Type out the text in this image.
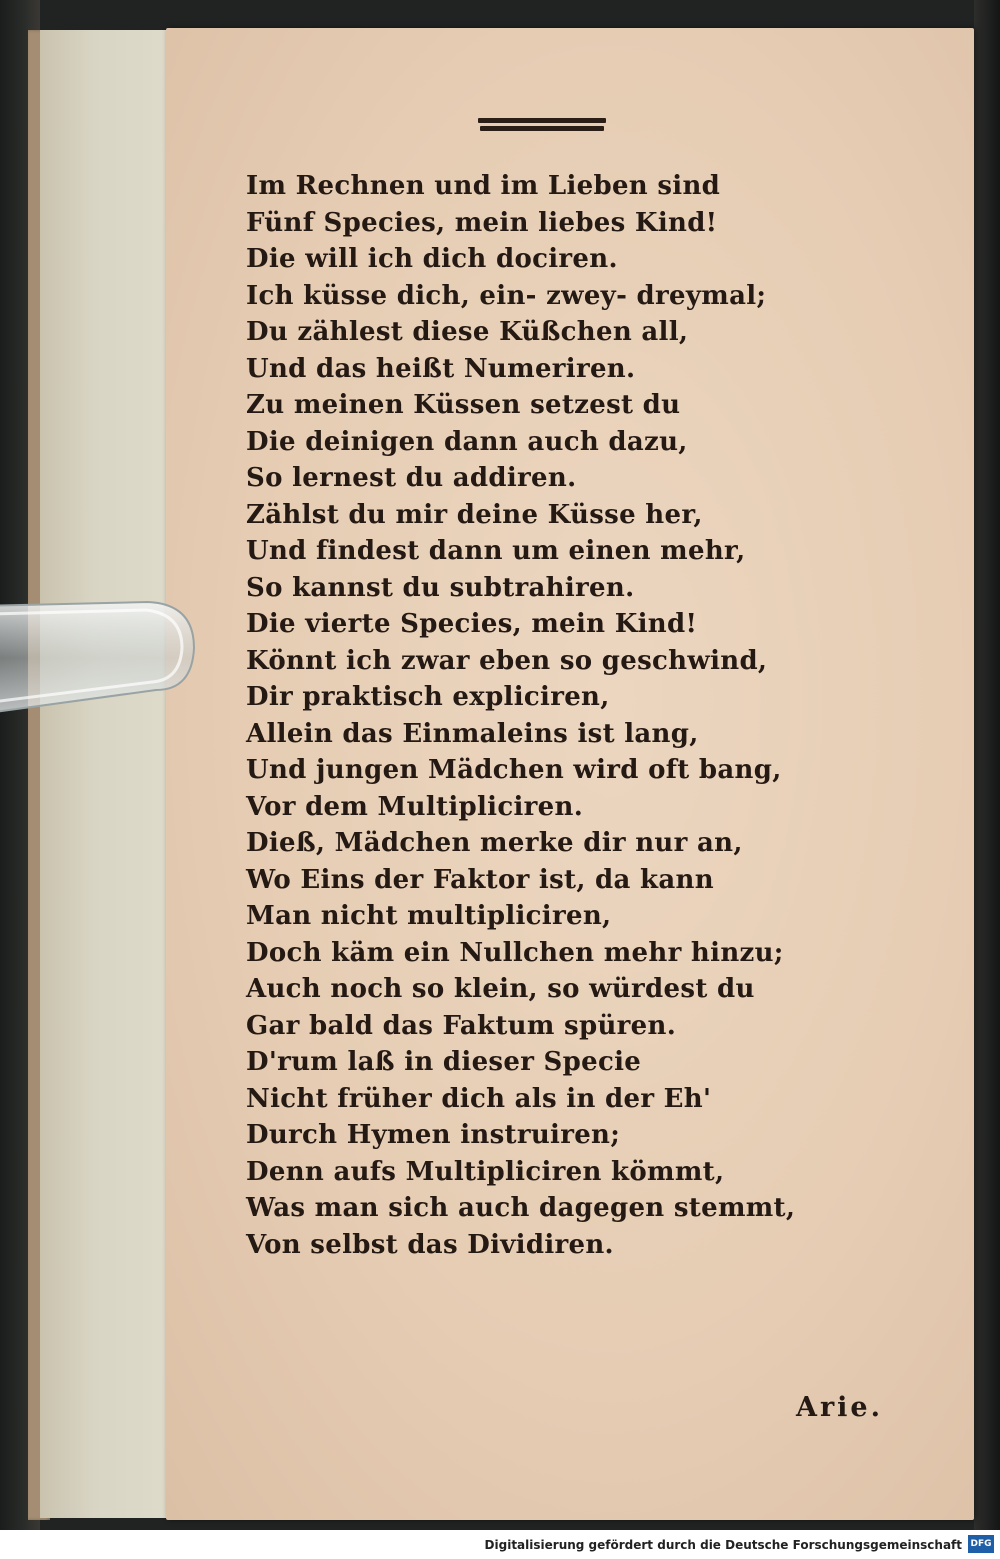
Im Rechnen und im Lieben sind
Fünf Species, mein liebes Kind!
Die will ich dich dociren.
Ich küsse dich, ein- zwey- dreymal;
Du zählest diese Küßchen all,
Und das heißt Numeriren.
Zu meinen Küssen setzest du
Die deinigen dann auch dazu,
So lernest du addiren.
Zählst du mir deine Küsse her,
Und findest dann um einen mehr,
So kannst du subtrahiren.
Die vierte Species, mein Kind!
Könnt ich zwar eben so geschwind,
Dir praktisch expliciren,
Allein das Einmaleins ist lang,
Und jungen Mädchen wird oft bang,
Vor dem Multipliciren.
Dieß, Mädchen merke dir nur an,
Wo Eins der Faktor ist, da kann
Man nicht multipliciren,
Doch käm ein Nullchen mehr hinzu;
Auch noch so klein, so würdest du
Gar bald das Faktum spüren.
D'rum laß in dieser Specie
Nicht früher dich als in der Eh'
Durch Hymen instruiren;
Denn aufs Multipliciren kömmt,
Was man sich auch dagegen stemmt,
Von selbst das Dividiren.
Arie.
Digitalisierung gefördert durch die Deutsche Forschungsgemeinschaft DFG
